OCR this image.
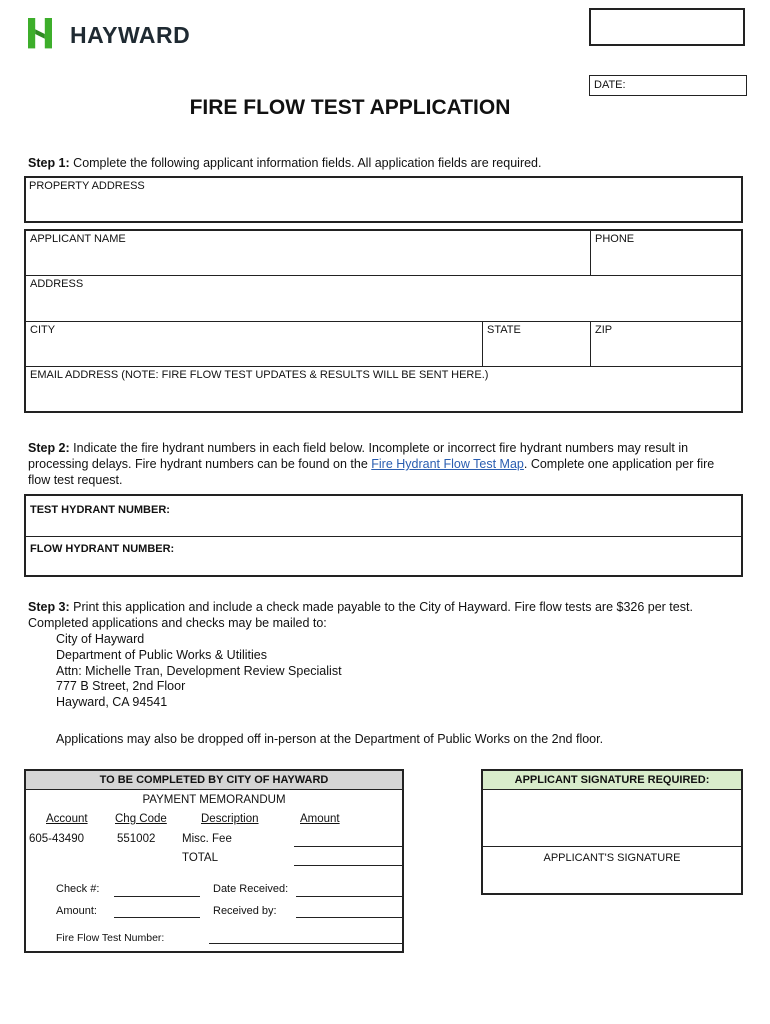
HAYWARD
DATE:
FIRE FLOW TEST APPLICATION
Step 1: Complete the following applicant information fields. All application fields are required.
PROPERTY ADDRESS
APPLICANT NAME	PHONE
ADDRESS
CITY	STATE	ZIP
EMAIL ADDRESS (NOTE: FIRE FLOW TEST UPDATES & RESULTS WILL BE SENT HERE.)
Step 2: Indicate the fire hydrant numbers in each field below. Incomplete or incorrect fire hydrant numbers may result in processing delays. Fire hydrant numbers can be found on the Fire Hydrant Flow Test Map. Complete one application per fire flow test request.
TEST HYDRANT NUMBER:
FLOW HYDRANT NUMBER:
Step 3: Print this application and include a check made payable to the City of Hayward. Fire flow tests are $326 per test. Completed applications and checks may be mailed to:
City of Hayward
Department of Public Works & Utilities
Attn: Michelle Tran, Development Review Specialist
777 B Street, 2nd Floor
Hayward, CA 94541
Applications may also be dropped off in-person at the Department of Public Works on the 2nd floor.
TO BE COMPLETED BY CITY OF HAYWARD
PAYMENT MEMORANDUM
Account Chg Code	Description	Amount
605-43490	551002 Misc. Fee
TOTAL
Check #:	Date Received:
Amount:	Received by:
Fire Flow Test Number:
APPLICANT SIGNATURE REQUIRED:
APPLICANT'S SIGNATURE
